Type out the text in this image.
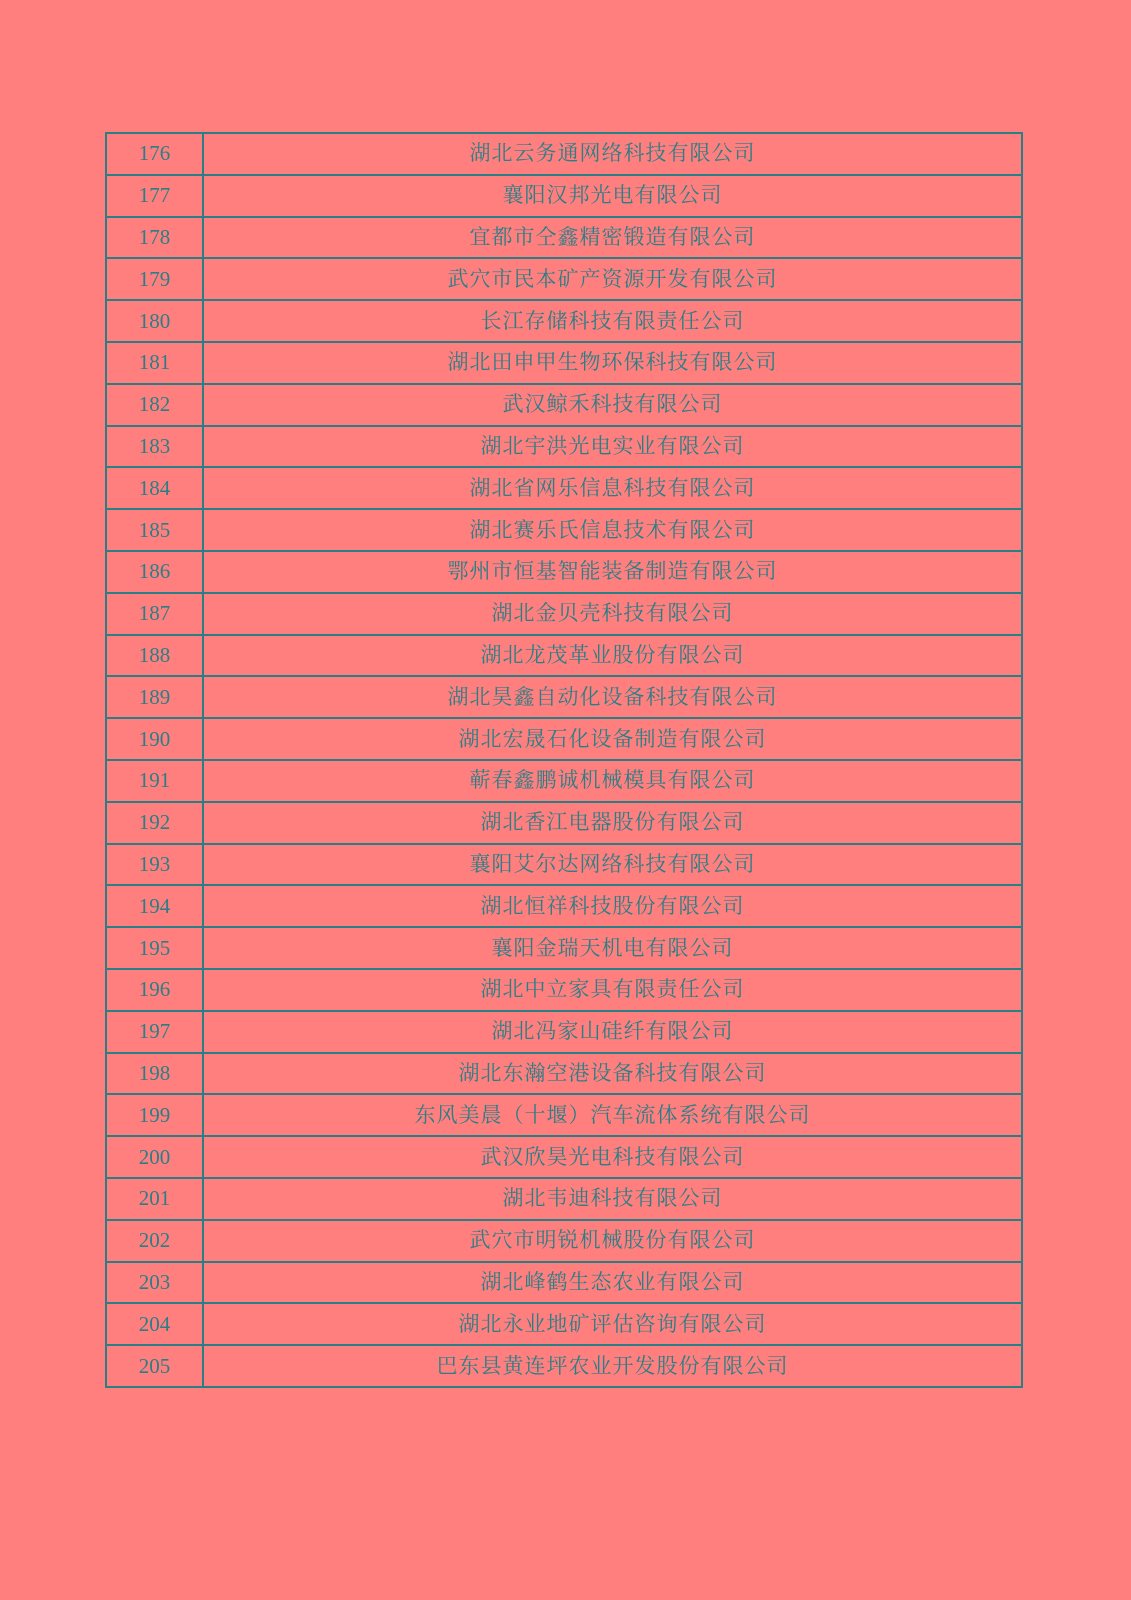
176	湖北云务通网络科技有限公司
177	襄阳汉邦光电有限公司
178	宜都市仝鑫精密锻造有限公司
179	武穴市民本矿产资源开发有限公司
180	长江存储科技有限责任公司
181	湖北田申甲生物环保科技有限公司
182	武汉鲸禾科技有限公司
183	湖北宇洪光电实业有限公司
184	湖北省网乐信息科技有限公司
185	湖北赛乐氏信息技术有限公司
186	鄂州市恒基智能装备制造有限公司
187	湖北金贝壳科技有限公司
188	湖北龙茂革业股份有限公司
189	湖北昊鑫自动化设备科技有限公司
190	湖北宏晟石化设备制造有限公司
191	蕲春鑫鹏诚机械模具有限公司
192	湖北香江电器股份有限公司
193	襄阳艾尔达网络科技有限公司
194	湖北恒祥科技股份有限公司
195	襄阳金瑞天机电有限公司
196	湖北中立家具有限责任公司
197	湖北冯家山硅纤有限公司
198	湖北东瀚空港设备科技有限公司
199	东风美晨（十堰）汽车流体系统有限公司
200	武汉欣昊光电科技有限公司
201	湖北韦迪科技有限公司
202	武穴市明锐机械股份有限公司
203	湖北峰鹤生态农业有限公司
204	湖北永业地矿评估咨询有限公司
205	巴东县黄连坪农业开发股份有限公司
